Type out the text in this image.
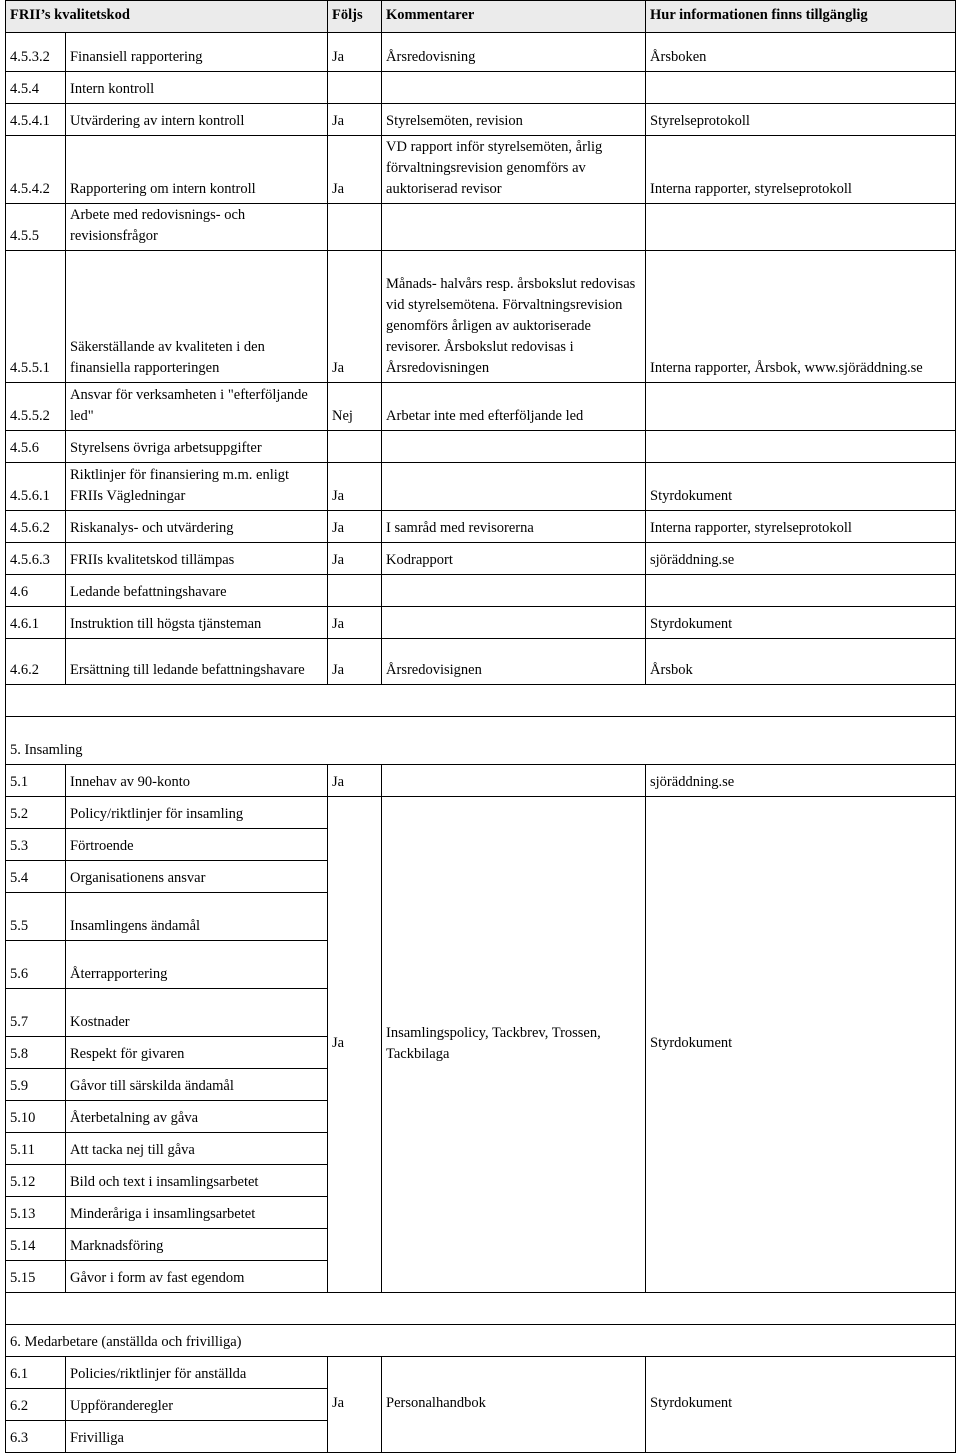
FRII’s kvalitetskod		Följs	Kommentarer	Hur informationen finns tillgänglig
4.5.3.2	Finansiell rapportering	Ja	Årsredovisning	Årsboken
4.5.4	Intern kontroll			
4.5.4.1	Utvärdering av intern kontroll	Ja	Styrelsemöten, revision	Styrelseprotokoll
4.5.4.2	Rapportering om intern kontroll	Ja	VD rapport inför styrelsemöten, årlig förvaltningsrevision genomförs av auktoriserad revisor	Interna rapporter, styrelseprotokoll
4.5.5	Arbete med redovisnings- och revisionsfrågor			
4.5.5.1	Säkerställande av kvaliteten i den finansiella rapporteringen	Ja	Månads- halvårs resp. årsbokslut redovisas vid styrelsemötena. Förvaltningsrevision genomförs årligen av auktoriserade revisorer. Årsbokslut redovisas i Årsredovisningen	Interna rapporter, Årsbok, www.sjöräddning.se
4.5.5.2	Ansvar för verksamheten i "efterföljande led"	Nej	Arbetar inte med efterföljande led	
4.5.6	Styrelsens övriga arbetsuppgifter			
4.5.6.1	Riktlinjer för finansiering m.m. enligt FRIIs Vägledningar	Ja		Styrdokument
4.5.6.2	Riskanalys- och utvärdering	Ja	I samråd med revisorerna	Interna rapporter, styrelseprotokoll
4.5.6.3	FRIIs kvalitetskod tillämpas	Ja	Kodrapport	sjöräddning.se
4.6	Ledande befattningshavare			
4.6.1	Instruktion till högsta tjänsteman	Ja		Styrdokument
4.6.2	Ersättning till ledande befattningshavare	Ja	Årsredovisignen	Årsbok

5. Insamling				
5.1	Innehav av 90-konto	Ja		sjöräddning.se
5.2	Policy/riktlinjer för insamling	Ja	Insamlingspolicy, Tackbrev, Trossen, Tackbilaga	Styrdokument
5.3	Förtroende			
5.4	Organisationens ansvar			
5.5	Insamlingens ändamål			
5.6	Återrapportering			
5.7	Kostnader			
5.8	Respekt för givaren			
5.9	Gåvor till särskilda ändamål			
5.10	Återbetalning av gåva			
5.11	Att tacka nej till gåva			
5.12	Bild och text i insamlingsarbetet			
5.13	Minderåriga i insamlingsarbetet			
5.14	Marknadsföring			
5.15	Gåvor i form av fast egendom			

6. Medarbetare (anställda och frivilliga)				
6.1	Policies/riktlinjer för anställda	Ja	Personalhandbok	Styrdokument
6.2	Uppföranderegler			
6.3	Frivilliga			
